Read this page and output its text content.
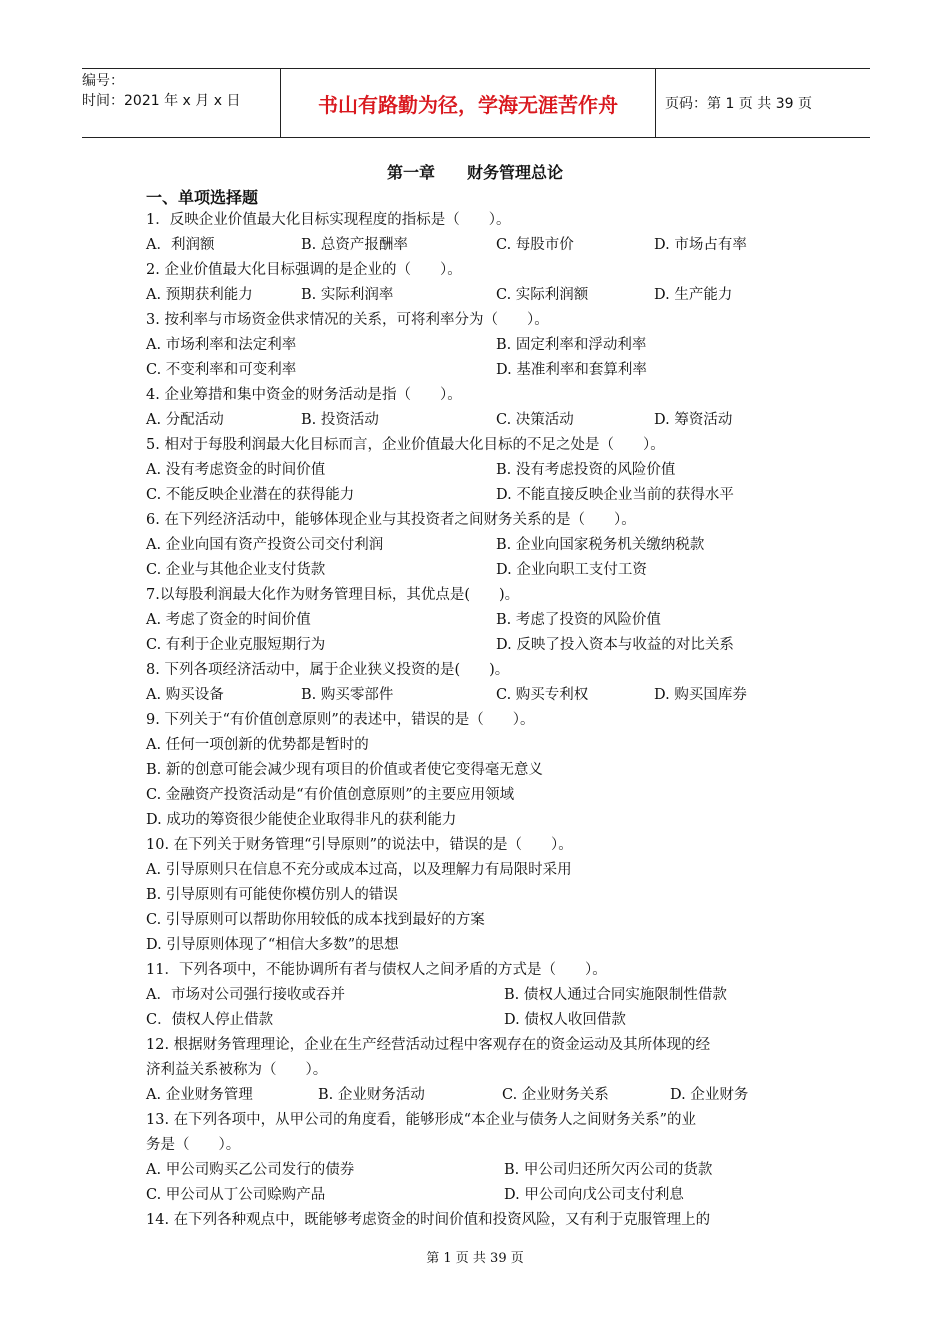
编号：
时间：2021 年 x 月 x 日	书山有路勤为径，学海无涯苦作舟	页码：第 1 页 共 39 页
第一章　　财务管理总论
一、单项选择题
1．反映企业价值最大化目标实现程度的指标是（　　）。
A．利润额	B. 总资产报酬率	C. 每股市价	D. 市场占有率
2. 企业价值最大化目标强调的是企业的（　　）。
A. 预期获利能力	B. 实际利润率	C. 实际利润额	D. 生产能力
3. 按利率与市场资金供求情况的关系，可将利率分为（　　）。
A. 市场利率和法定利率	B. 固定利率和浮动利率
C. 不变利率和可变利率	D. 基准利率和套算利率
4. 企业筹措和集中资金的财务活动是指（　　）。
A. 分配活动	B. 投资活动	C. 决策活动	D. 筹资活动
5. 相对于每股利润最大化目标而言，企业价值最大化目标的不足之处是（　　）。
A. 没有考虑资金的时间价值	B. 没有考虑投资的风险价值
C. 不能反映企业潜在的获得能力	D. 不能直接反映企业当前的获得水平
6. 在下列经济活动中，能够体现企业与其投资者之间财务关系的是（　　）。
A. 企业向国有资产投资公司交付利润	B. 企业向国家税务机关缴纳税款
C. 企业与其他企业支付货款	D. 企业向职工支付工资
7.以每股利润最大化作为财务管理目标，其优点是(　　)。
A. 考虑了资金的时间价值	B. 考虑了投资的风险价值
C. 有利于企业克服短期行为	D. 反映了投入资本与收益的对比关系
8. 下列各项经济活动中，属于企业狭义投资的是(　　)。
A. 购买设备	B. 购买零部件	C. 购买专利权	D. 购买国库券
9. 下列关于“有价值创意原则”的表述中，错误的是（　　）。
A. 任何一项创新的优势都是暂时的
B. 新的创意可能会减少现有项目的价值或者使它变得毫无意义
C. 金融资产投资活动是“有价值创意原则”的主要应用领域
D. 成功的筹资很少能使企业取得非凡的获利能力
10. 在下列关于财务管理“引导原则”的说法中，错误的是（　　）。
A. 引导原则只在信息不充分或成本过高，以及理解力有局限时采用
B. 引导原则有可能使你模仿别人的错误
C. 引导原则可以帮助你用较低的成本找到最好的方案
D. 引导原则体现了“相信大多数”的思想
11．下列各项中，不能协调所有者与债权人之间矛盾的方式是（　　）。
A．市场对公司强行接收或吞并	B. 债权人通过合同实施限制性借款
C．债权人停止借款	D. 债权人收回借款
12. 根据财务管理理论，企业在生产经营活动过程中客观存在的资金运动及其所体现的经
济利益关系被称为（　　）。
A. 企业财务管理	B. 企业财务活动	C. 企业财务关系	D. 企业财务
13. 在下列各项中，从甲公司的角度看，能够形成“本企业与债务人之间财务关系”的业
务是（　　）。
A. 甲公司购买乙公司发行的债券	B. 甲公司归还所欠丙公司的货款
C. 甲公司从丁公司赊购产品	D. 甲公司向戊公司支付利息
14. 在下列各种观点中，既能够考虑资金的时间价值和投资风险，又有利于克服管理上的
第 1 页 共 39 页
